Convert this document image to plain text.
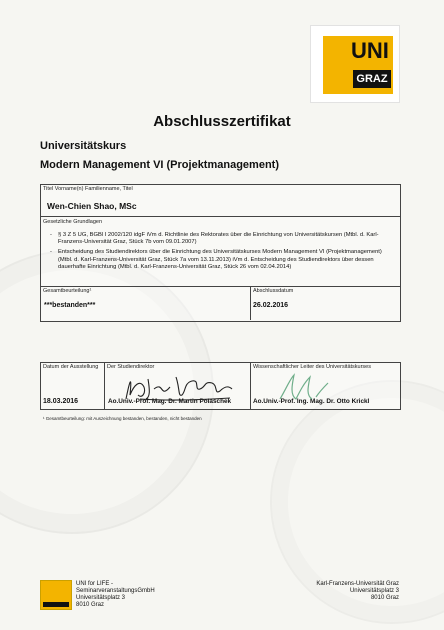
UNI
GRAZ
Abschlusszertifikat
Universitätskurs
Modern Management VI (Projektmanagement)
Titel Vorname(n) Familienname, Titel
Wen-Chien Shao, MSc
Gesetzliche Grundlagen
- § 3 Z 5 UG, BGBl I 2002/120 idgF iVm d. Richtlinie des Rektorates über die Einrichtung von Universitätskursen (Mtbl. d. Karl-Franzens-Universität Graz, Stück 7b vom 09.01.2007)
- Entscheidung des Studiendirektors über die Einrichtung des Universitätskurses Modern Management VI (Projektmanagement) (Mtbl. d. Karl-Franzens-Universität Graz, Stück 7a vom 13.11.2013) iVm d. Entscheidung des Studiendirektors über dessen dauerhafte Einrichtung (Mtbl. d. Karl-Franzens-Universität Graz, Stück 26 vom 02.04.2014)
Gesamtbeurteilung¹
***bestanden***
Abschlussdatum
26.02.2016
Datum der Ausstellung
18.03.2016
Der Studiendirektor
Ao.Univ.-Prof. Mag. Dr. Martin Polaschek
Wissenschaftlicher Leiter des Universitätskurses
Ao.Univ.-Prof. Ing. Mag. Dr. Otto Krickl
¹ Gesamtbeurteilung: mit Auszeichnung bestanden, bestanden, nicht bestanden
UNI for LIFE -
SeminarveranstaltungsGmbH
Universitätsplatz 3
8010 Graz
Karl-Franzens-Universität Graz
Universitätsplatz 3
8010 Graz
